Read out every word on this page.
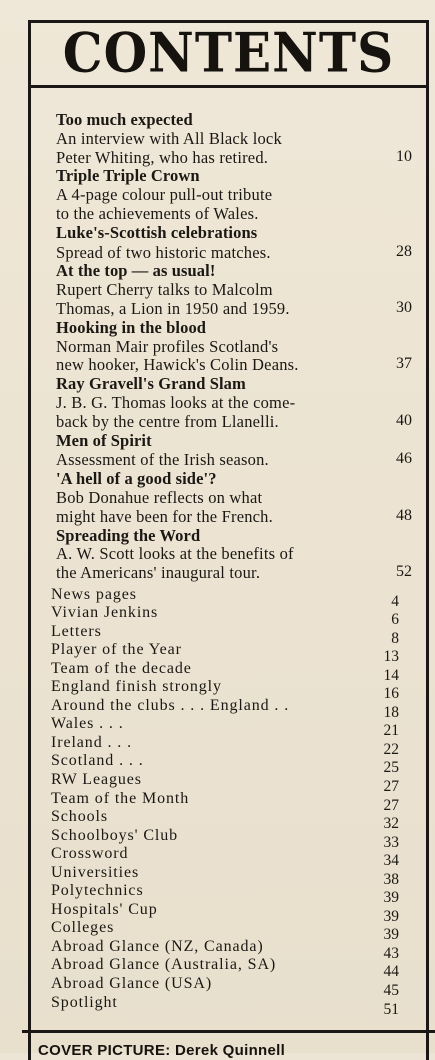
CONTENTS
Too much expected
An interview with All Black lock
Peter Whiting, who has retired.	10
Triple Triple Crown
A 4-page colour pull-out tribute
to the achievements of Wales.
Luke's-Scottish celebrations
Spread of two historic matches.	28
At the top — as usual!
Rupert Cherry talks to Malcolm
Thomas, a Lion in 1950 and 1959.	30
Hooking in the blood
Norman Mair profiles Scotland's
new hooker, Hawick's Colin Deans.	37
Ray Gravell's Grand Slam
J. B. G. Thomas looks at the come-
back by the centre from Llanelli.	40
Men of Spirit
Assessment of the Irish season.	46
'A hell of a good side'?
Bob Donahue reflects on what
might have been for the French.	48
Spreading the Word
A. W. Scott looks at the benefits of
the Americans' inaugural tour.	52
News pages	4
Vivian Jenkins	6
Letters	8
Player of the Year	13
Team of the decade	14
England finish strongly	16
Around the clubs . . . England . .	18
Wales . . .	21
Ireland . . .	22
Scotland . . .	25
RW Leagues	27
Team of the Month	27
Schools	32
Schoolboys' Club	33
Crossword	34
Universities	38
Polytechnics	39
Hospitals' Cup	39
Colleges	39
Abroad Glance (NZ, Canada)	43
Abroad Glance (Australia, SA)	44
Abroad Glance (USA)	45
Spotlight	51
COVER PICTURE: Derek Quinnell
